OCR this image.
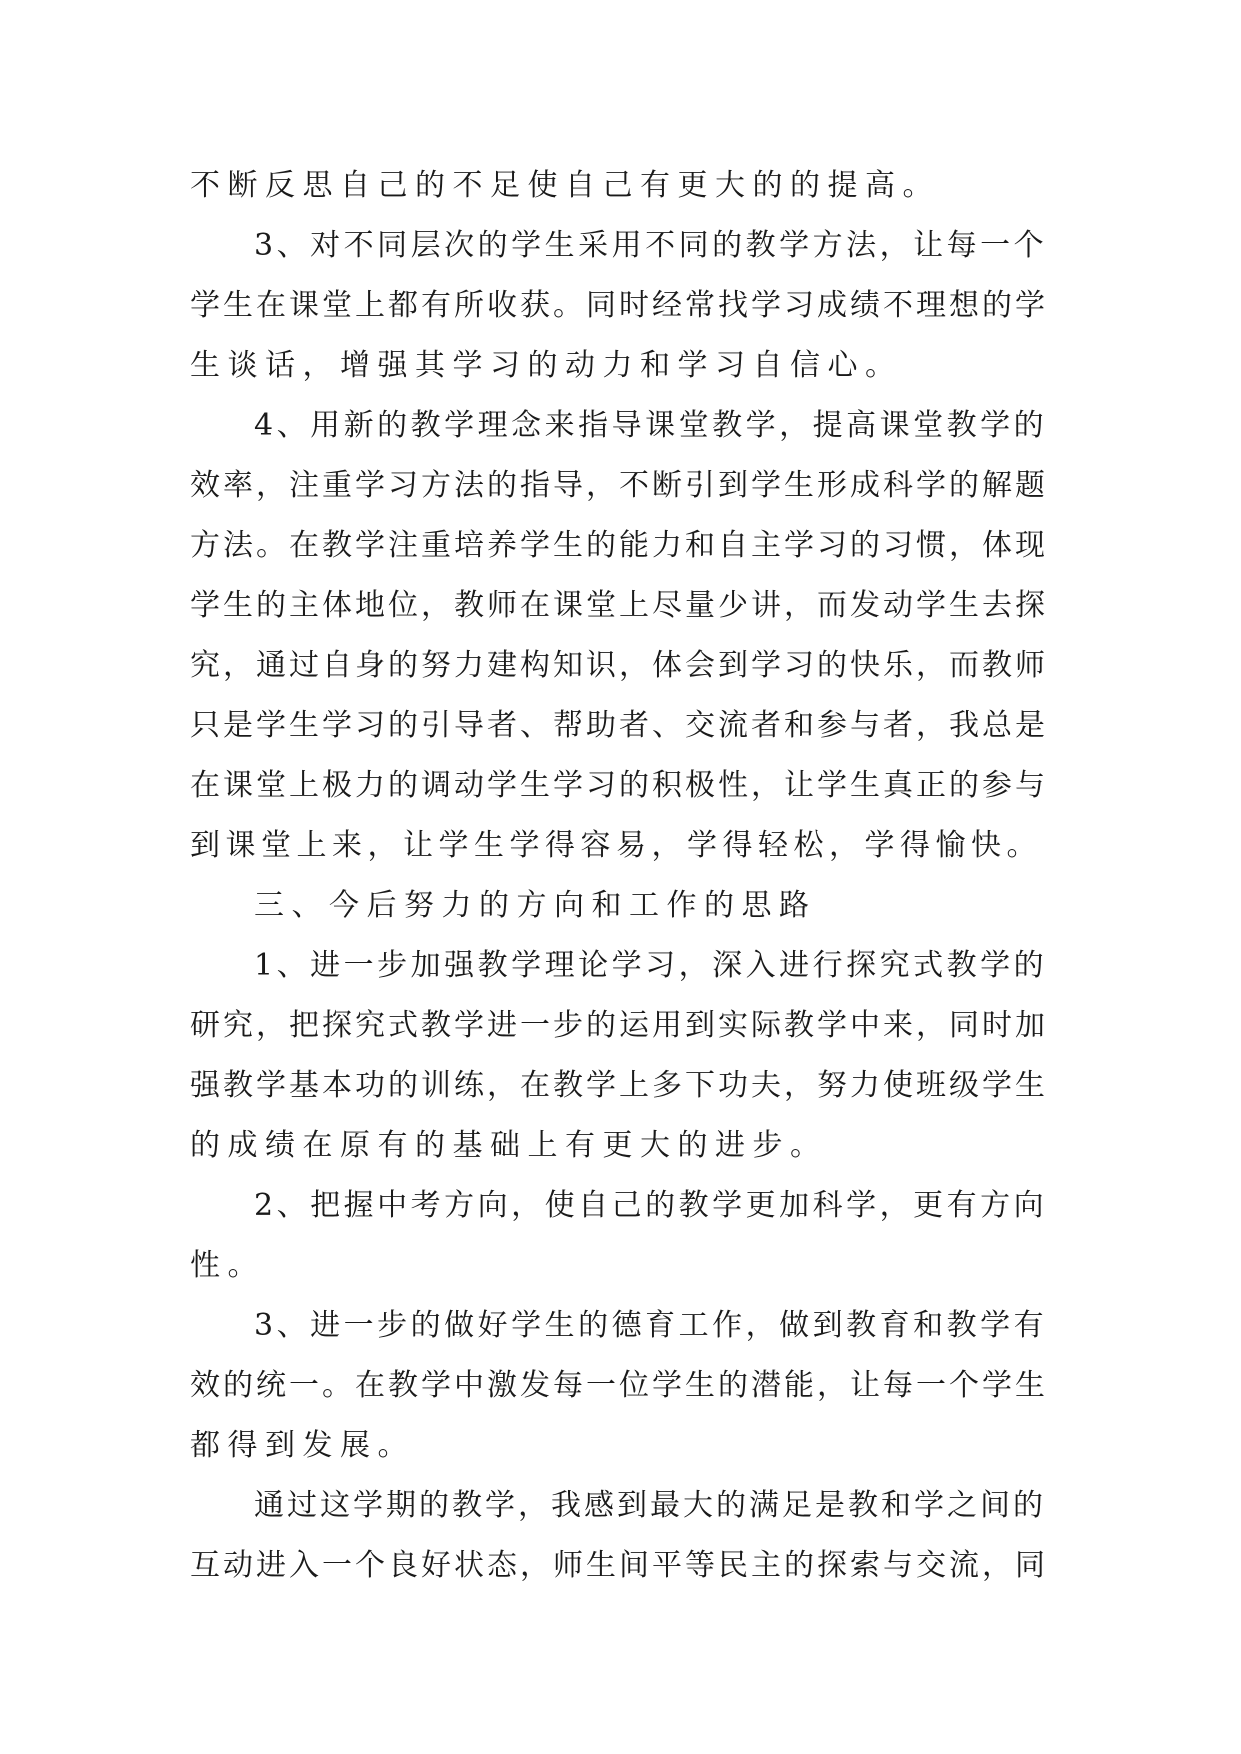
不断反思自己的不足使自己有更大的的提高。
3、对不同层次的学生采用不同的教学方法，让每一个
学生在课堂上都有所收获。同时经常找学习成绩不理想的学
生谈话，增强其学习的动力和学习自信心。
4、用新的教学理念来指导课堂教学，提高课堂教学的
效率，注重学习方法的指导，不断引到学生形成科学的解题
方法。在教学注重培养学生的能力和自主学习的习惯，体现
学生的主体地位，教师在课堂上尽量少讲，而发动学生去探
究，通过自身的努力建构知识，体会到学习的快乐，而教师
只是学生学习的引导者、帮助者、交流者和参与者，我总是
在课堂上极力的调动学生学习的积极性，让学生真正的参与
到课堂上来，让学生学得容易，学得轻松，学得愉快。
三、今后努力的方向和工作的思路
1、进一步加强教学理论学习，深入进行探究式教学的
研究，把探究式教学进一步的运用到实际教学中来，同时加
强教学基本功的训练，在教学上多下功夫，努力使班级学生
的成绩在原有的基础上有更大的进步。
2、把握中考方向，使自己的教学更加科学，更有方向
性。
3、进一步的做好学生的德育工作，做到教育和教学有
效的统一。在教学中激发每一位学生的潜能，让每一个学生
都得到发展。
通过这学期的教学，我感到最大的满足是教和学之间的
互动进入一个良好状态，师生间平等民主的探索与交流，同
